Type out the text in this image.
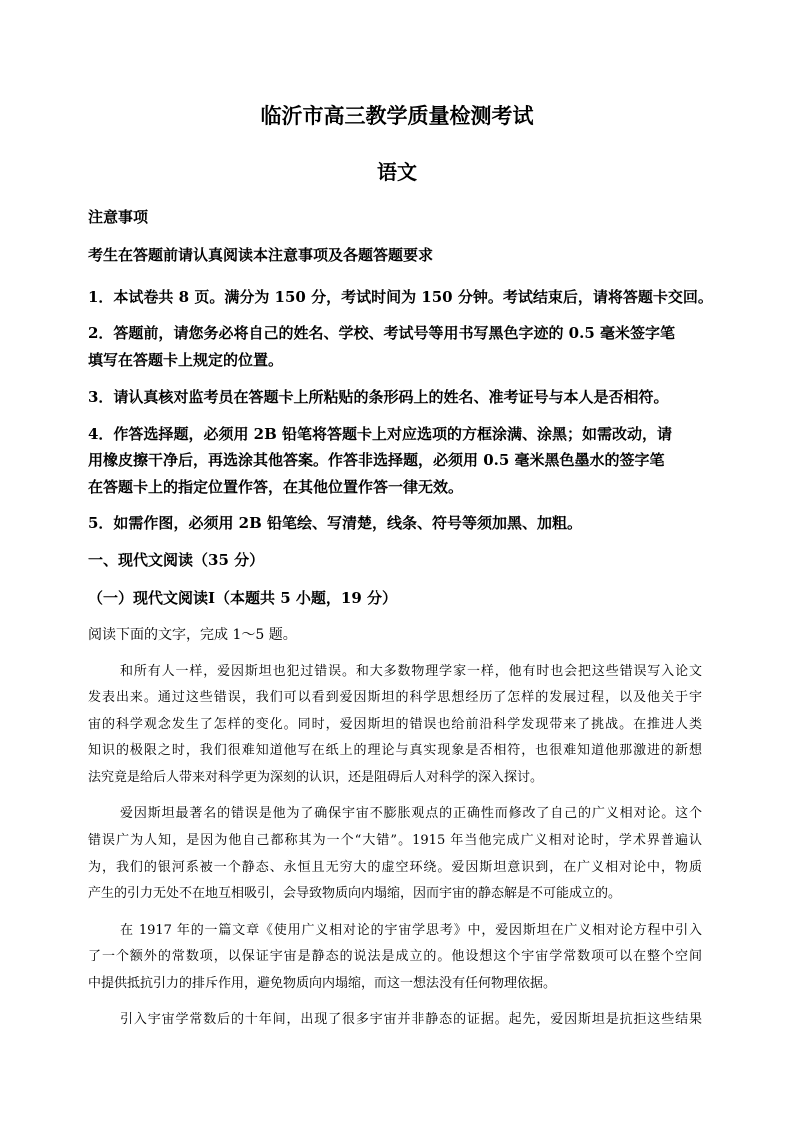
临沂市高三教学质量检测考试
语文
注意事项
考生在答题前请认真阅读本注意事项及各题答题要求
1．本试卷共 8 页。满分为 150 分，考试时间为 150 分钟。考试结束后，请将答题卡交回。
2．答题前，请您务必将自己的姓名、学校、考试号等用书写黑色字迹的 0.5 毫米签字笔
填写在答题卡上规定的位置。
3．请认真核对监考员在答题卡上所粘贴的条形码上的姓名、准考证号与本人是否相符。
4．作答选择题，必须用 2B 铅笔将答题卡上对应选项的方框涂满、涂黑；如需改动，请
用橡皮擦干净后，再选涂其他答案。作答非选择题，必须用 0.5 毫米黑色墨水的签字笔
在答题卡上的指定位置作答，在其他位置作答一律无效。
5．如需作图，必须用 2B 铅笔绘、写清楚，线条、符号等须加黑、加粗。
一、现代文阅读（35 分）
（一）现代文阅读Ⅰ（本题共 5 小题，19 分）
阅读下面的文字，完成 1～5 题。
和所有人一样，爱因斯坦也犯过错误。和大多数物理学家一样，他有时也会把这些错误写入论文
发表出来。通过这些错误，我们可以看到爱因斯坦的科学思想经历了怎样的发展过程，以及他关于宇
宙的科学观念发生了怎样的变化。同时，爱因斯坦的错误也给前沿科学发现带来了挑战。在推进人类
知识的极限之时，我们很难知道他写在纸上的理论与真实现象是否相符，也很难知道他那激进的新想
法究竟是给后人带来对科学更为深刻的认识，还是阻碍后人对科学的深入探讨。
爱因斯坦最著名的错误是他为了确保宇宙不膨胀观点的正确性而修改了自己的广义相对论。这个
错误广为人知，是因为他自己都称其为一个“大错”。1915 年当他完成广义相对论时，学术界普遍认
为，我们的银河系被一个静态、永恒且无穷大的虚空环绕。爱因斯坦意识到，在广义相对论中，物质
产生的引力无处不在地互相吸引，会导致物质向内塌缩，因而宇宙的静态解是不可能成立的。
在 1917 年的一篇文章《使用广义相对论的宇宙学思考》中，爱因斯坦在广义相对论方程中引入
了一个额外的常数项，以保证宇宙是静态的说法是成立的。他设想这个宇宙学常数项可以在整个空间
中提供抵抗引力的排斥作用，避免物质向内塌缩，而这一想法没有任何物理依据。
引入宇宙学常数后的十年间，出现了很多宇宙并非静态的证据。起先，爱因斯坦是抗拒这些结果
